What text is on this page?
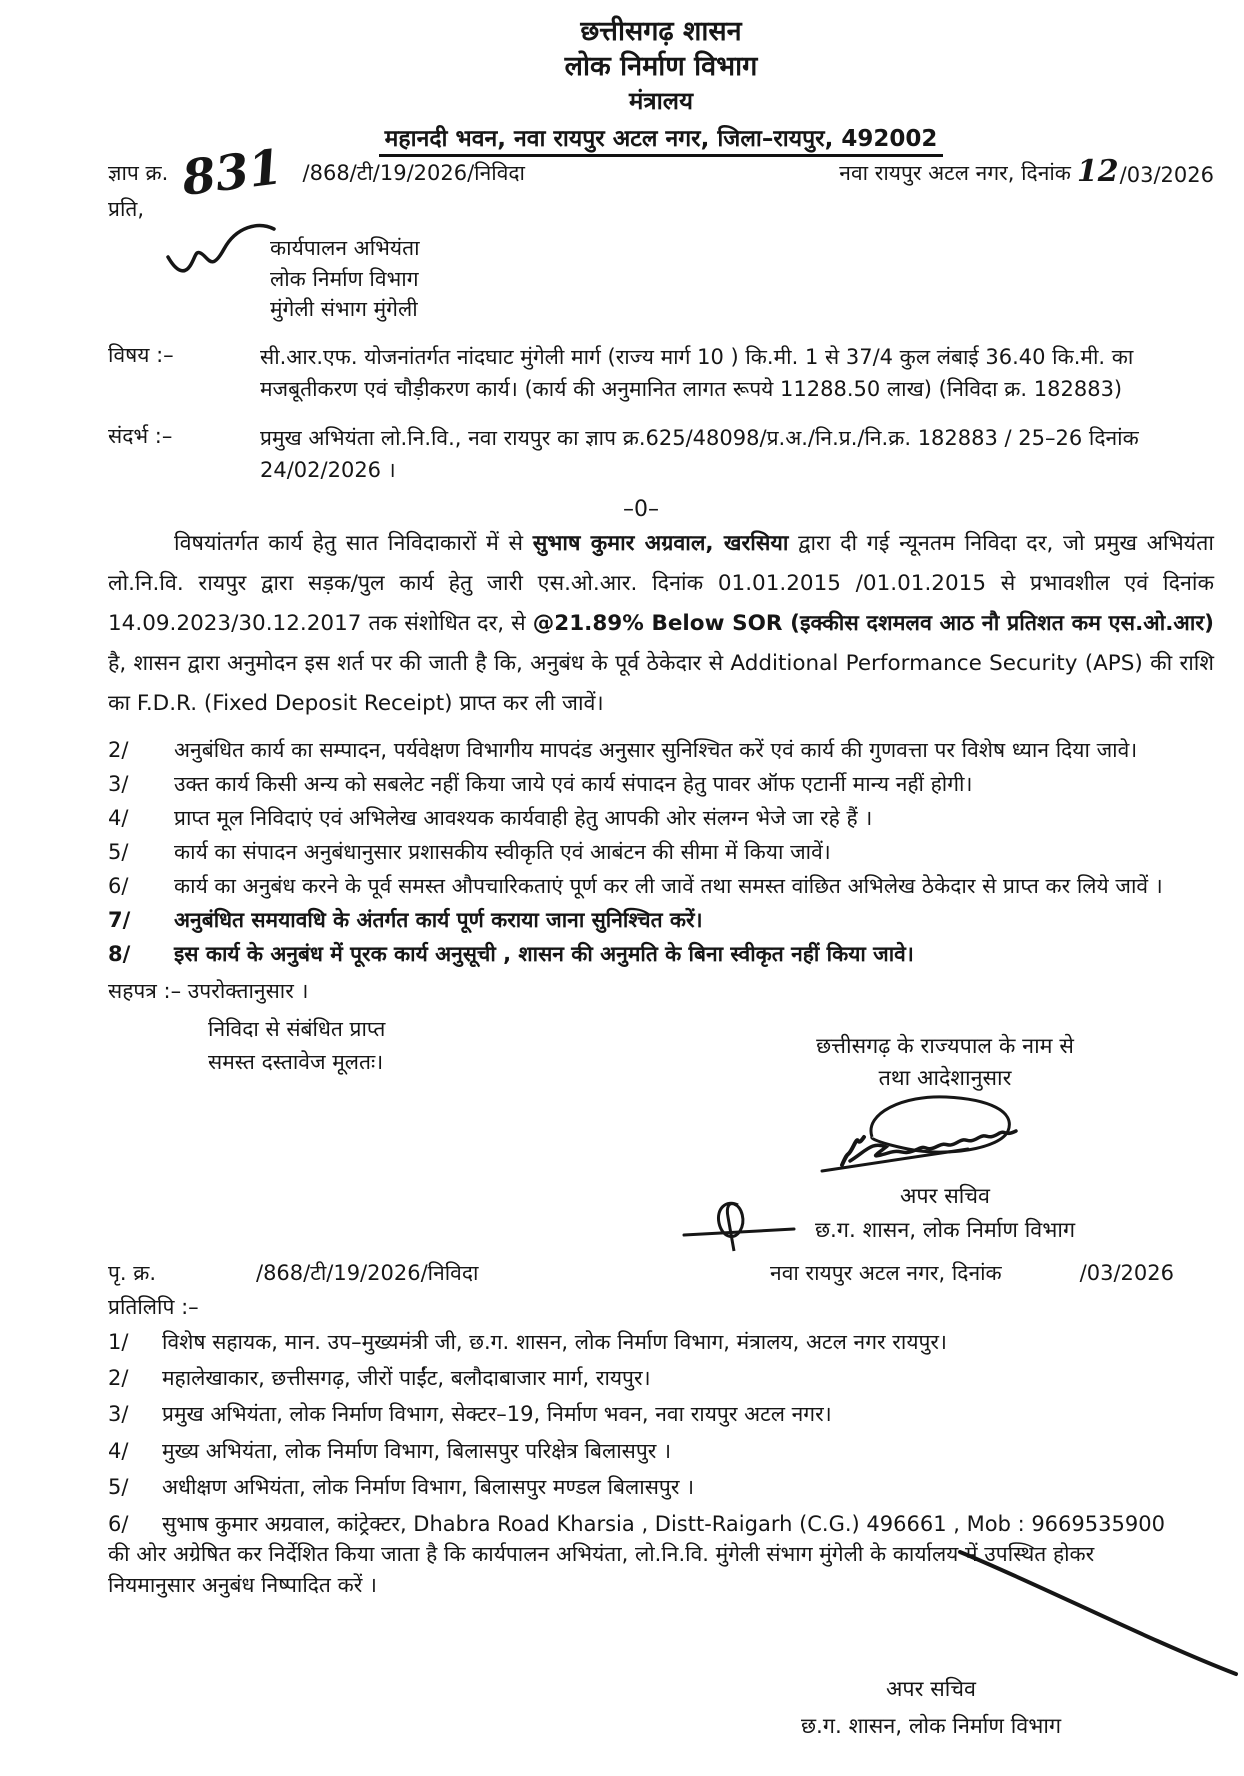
छत्तीसगढ़ शासन
लोक निर्माण विभाग
मंत्रालय
महानदी भवन, नवा रायपुर अटल नगर, जिला–रायपुर, 492002
ज्ञाप क्र. 831 /868/टी/19/2026/निविदा	नवा रायपुर अटल नगर, दिनांक 12 /03/2026
प्रति,
कार्यपालन अभियंता
लोक निर्माण विभाग
मुंगेली संभाग मुंगेली
विषय :–	सी.आर.एफ. योजनांतर्गत नांदघाट मुंगेली मार्ग (राज्य मार्ग 10 ) कि.मी. 1 से 37/4 कुल लंबाई 36.40 कि.मी. का मजबूतीकरण एवं चौड़ीकरण कार्य। (कार्य की अनुमानित लागत रूपये 11288.50 लाख) (निविदा क्र. 182883)
संदर्भ :–	प्रमुख अभियंता लो.नि.वि., नवा रायपुर का ज्ञाप क्र.625/48098/प्र.अ./नि.प्र./नि.क्र. 182883 / 25–26 दिनांक 24/02/2026 ।
–0–

विषयांतर्गत कार्य हेतु सात निविदाकारों में से सुभाष कुमार अग्रवाल, खरसिया द्वारा दी गई न्यूनतम निविदा दर, जो प्रमुख अभियंता लो.नि.वि. रायपुर द्वारा सड़क/पुल कार्य हेतु जारी एस.ओ.आर. दिनांक 01.01.2015 /01.01.2015 से प्रभावशील एवं दिनांक 14.09.2023/30.12.2017 तक संशोधित दर, से @21.89% Below SOR (इक्कीस दशमलव आठ नौ प्रतिशत कम एस.ओ.आर) है, शासन द्वारा अनुमोदन इस शर्त पर की जाती है कि, अनुबंध के पूर्व ठेकेदार से Additional Performance Security (APS) की राशि का F.D.R. (Fixed Deposit Receipt) प्राप्त कर ली जावें।

2/	अनुबंधित कार्य का सम्पादन, पर्यवेक्षण विभागीय मापदंड अनुसार सुनिश्चित करें एवं कार्य की गुणवत्ता पर विशेष ध्यान दिया जावे।
3/	उक्त कार्य किसी अन्य को सबलेट नहीं किया जाये एवं कार्य संपादन हेतु पावर ऑफ एटार्नी मान्य नहीं होगी।
4/	प्राप्त मूल निविदाएं एवं अभिलेख आवश्यक कार्यवाही हेतु आपकी ओर संलग्न भेजे जा रहे हैं ।
5/	कार्य का संपादन अनुबंधानुसार प्रशासकीय स्वीकृति एवं आबंटन की सीमा में किया जावें।
6/	कार्य का अनुबंध करने के पूर्व समस्त औपचारिकताएं पूर्ण कर ली जावें तथा समस्त वांछित अभिलेख ठेकेदार से प्राप्त कर लिये जावें ।
7/	अनुबंधित समयावधि के अंतर्गत कार्य पूर्ण कराया जाना सुनिश्चित करें।
8/	इस कार्य के अनुबंध में पूरक कार्य अनुसूची , शासन की अनुमति के बिना स्वीकृत नहीं किया जावे।
सहपत्र :– उपरोक्तानुसार ।
निविदा से संबंधित प्राप्त
समस्त दस्तावेज मूलतः।
छत्तीसगढ़ के राज्यपाल के नाम से
तथा आदेशानुसार
अपर सचिव
छ.ग. शासन, लोक निर्माण विभाग
पृ. क्र.	/868/टी/19/2026/निविदा	नवा रायपुर अटल नगर, दिनांक	/03/2026
प्रतिलिपि :–
1/ विशेष सहायक, मान. उप–मुख्यमंत्री जी, छ.ग. शासन, लोक निर्माण विभाग, मंत्रालय, अटल नगर रायपुर।
2/ महालेखाकार, छत्तीसगढ़, जीरों पाईंट, बलौदाबाजार मार्ग, रायपुर।
3/ प्रमुख अभियंता, लोक निर्माण विभाग, सेक्टर–19, निर्माण भवन, नवा रायपुर अटल नगर।
4/ मुख्य अभियंता, लोक निर्माण विभाग, बिलासपुर परिक्षेत्र बिलासपुर ।
5/ अधीक्षण अभियंता, लोक निर्माण विभाग, बिलासपुर मण्डल बिलासपुर ।
6/ सुभाष कुमार अग्रवाल, कांट्रेक्टर, Dhabra Road Kharsia , Distt-Raigarh (C.G.) 496661 , Mob : 9669535900 की ओर अग्रेषित कर निर्देशित किया जाता है कि कार्यपालन अभियंता, लो.नि.वि. मुंगेली संभाग मुंगेली के कार्यालय में उपस्थित होकर नियमानुसार अनुबंध निष्पादित करें ।
अपर सचिव
छ.ग. शासन, लोक निर्माण विभाग
